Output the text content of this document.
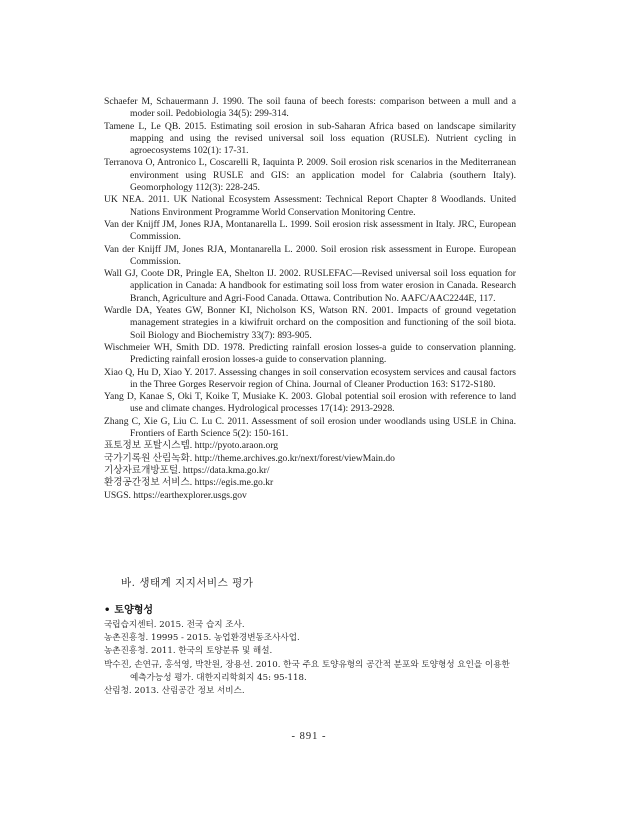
Schaefer M, Schauermann J. 1990. The soil fauna of beech forests: comparison between a mull and a moder soil. Pedobiologia 34(5): 299-314.

Tamene L, Le QB. 2015. Estimating soil erosion in sub-Saharan Africa based on landscape similarity mapping and using the revised universal soil loss equation (RUSLE). Nutrient cycling in agroecosystems 102(1): 17-31.

Terranova O, Antronico L, Coscarelli R, Iaquinta P. 2009. Soil erosion risk scenarios in the Mediterranean environment using RUSLE and GIS: an application model for Calabria (southern Italy). Geomorphology 112(3): 228-245.

UK NEA. 2011. UK National Ecosystem Assessment: Technical Report Chapter 8 Woodlands. United Nations Environment Programme World Conservation Monitoring Centre.

Van der Knijff JM, Jones RJA, Montanarella L. 1999. Soil erosion risk assessment in Italy. JRC, European Commission.

Van der Knijff JM, Jones RJA, Montanarella L. 2000. Soil erosion risk assessment in Europe. European Commission.

Wall GJ, Coote DR, Pringle EA, Shelton IJ. 2002. RUSLEFAC—Revised universal soil loss equation for application in Canada: A handbook for estimating soil loss from water erosion in Canada. Research Branch, Agriculture and Agri-Food Canada. Ottawa. Contribution No. AAFC/AAC2244E, 117.

Wardle DA, Yeates GW, Bonner KI, Nicholson KS, Watson RN. 2001. Impacts of ground vegetation management strategies in a kiwifruit orchard on the composition and functioning of the soil biota. Soil Biology and Biochemistry 33(7): 893-905.

Wischmeier WH, Smith DD. 1978. Predicting rainfall erosion losses-a guide to conservation planning. Predicting rainfall erosion losses-a guide to conservation planning.

Xiao Q, Hu D, Xiao Y. 2017. Assessing changes in soil conservation ecosystem services and causal factors in the Three Gorges Reservoir region of China. Journal of Cleaner Production 163: S172-S180.

Yang D, Kanae S, Oki T, Koike T, Musiake K. 2003. Global potential soil erosion with reference to land use and climate changes. Hydrological processes 17(14): 2913-2928.

Zhang C, Xie G, Liu C. Lu C. 2011. Assessment of soil erosion under woodlands using USLE in China. Frontiers of Earth Science 5(2): 150-161.

표토정보 포탈시스템. http://pyoto.araon.org

국가기록원 산림녹화. http://theme.archives.go.kr/next/forest/viewMain.do

기상자료개방포털. https://data.kma.go.kr/

환경공간정보 서비스. https://egis.me.go.kr

USGS. https://earthexplorer.usgs.gov

바. 생태계 지지서비스 평가
• 토양형성

국립습지센터. 2015. 전국 습지 조사.

농촌진흥청. 19995 - 2015. 농업환경변동조사사업.

농촌진흥청. 2011. 한국의 토양분류 및 해설.

박수진, 손연규, 홍석영, 박찬원, 장용선. 2010. 한국 주요 토양유형의 공간적 분포와 토양형성 요인을 이용한 예측가능성 평가. 대한지리학회지 45: 95-118.

산림청. 2013. 산림공간 정보 서비스.

- 891 -
